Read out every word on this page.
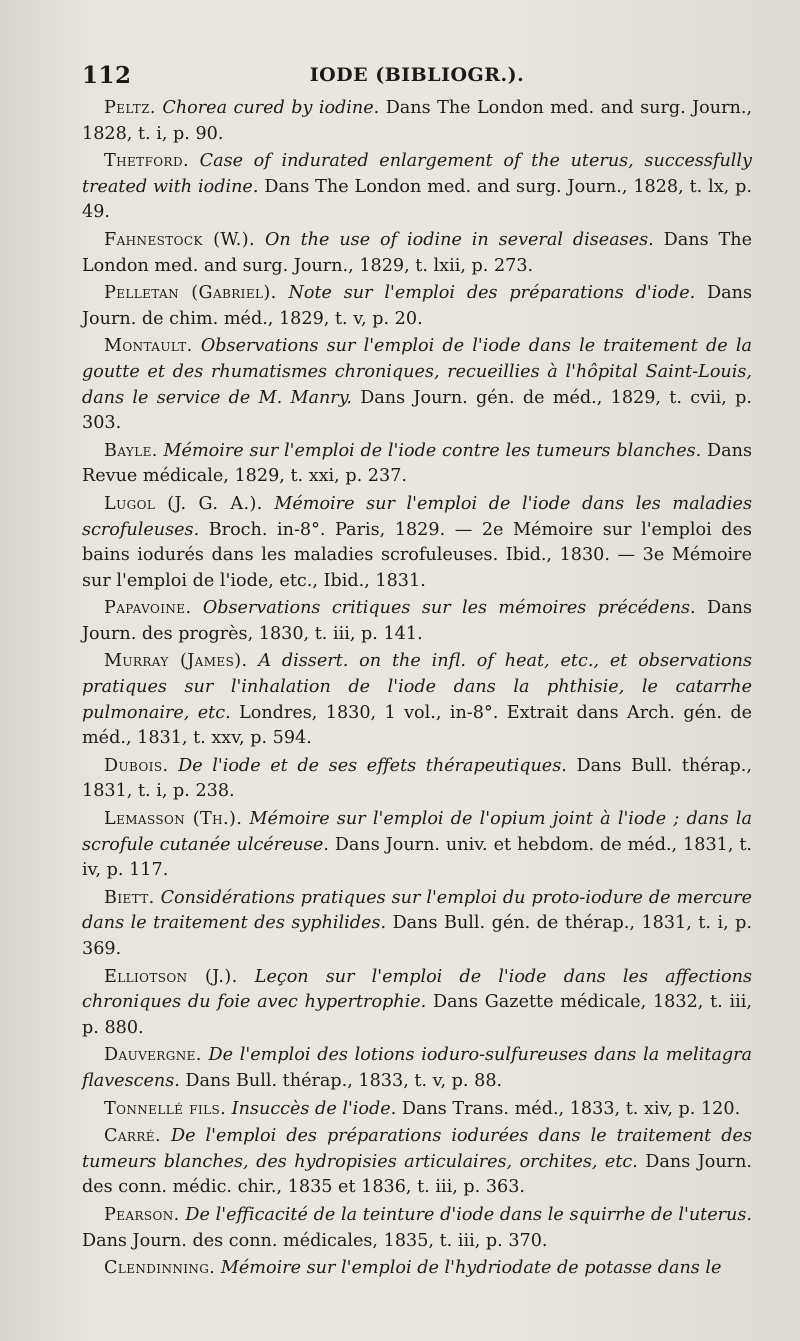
112	IODE (BIBLIOGR.).

Peltz. Chorea cured by iodine. Dans The London med. and surg. Journ., 1828, t. i, p. 90.

Thetford. Case of indurated enlargement of the uterus, successfully treated with iodine. Dans The London med. and surg. Journ., 1828, t. lx, p. 49.

Fahnestock (W.). On the use of iodine in several diseases. Dans The London med. and surg. Journ., 1829, t. lxii, p. 273.

Pelletan (Gabriel). Note sur l'emploi des préparations d'iode. Dans Journ. de chim. méd., 1829, t. v, p. 20.

Montault. Observations sur l'emploi de l'iode dans le traitement de la goutte et des rhumatismes chroniques, recueillies à l'hôpital Saint-Louis, dans le service de M. Manry. Dans Journ. gén. de méd., 1829, t. cvii, p. 303.

Bayle. Mémoire sur l'emploi de l'iode contre les tumeurs blanches. Dans Revue médicale, 1829, t. xxi, p. 237.

Lugol (J. G. A.). Mémoire sur l'emploi de l'iode dans les maladies scrofuleuses. Broch. in-8°. Paris, 1829. — 2e Mémoire sur l'emploi des bains iodurés dans les maladies scrofuleuses. Ibid., 1830. — 3e Mémoire sur l'emploi de l'iode, etc., Ibid., 1831.

Papavoine. Observations critiques sur les mémoires précédens. Dans Journ. des progrès, 1830, t. iii, p. 141.

Murray (James). A dissert. on the infl. of heat, etc., et observations pratiques sur l'inhalation de l'iode dans la phthisie, le catarrhe pulmonaire, etc. Londres, 1830, 1 vol., in-8°. Extrait dans Arch. gén. de méd., 1831, t. xxv, p. 594.

Dubois. De l'iode et de ses effets thérapeutiques. Dans Bull. thérap., 1831, t. i, p. 238.

Lemasson (Th.). Mémoire sur l'emploi de l'opium joint à l'iode ; dans la scrofule cutanée ulcéreuse. Dans Journ. univ. et hebdom. de méd., 1831, t. iv, p. 117.

Biett. Considérations pratiques sur l'emploi du proto-iodure de mercure dans le traitement des syphilides. Dans Bull. gén. de thérap., 1831, t. i, p. 369.

Elliotson (J.). Leçon sur l'emploi de l'iode dans les affections chroniques du foie avec hypertrophie. Dans Gazette médicale, 1832, t. iii, p. 880.

Dauvergne. De l'emploi des lotions ioduro-sulfureuses dans la melitagra flavescens. Dans Bull. thérap., 1833, t. v, p. 88.

Tonnellé fils. Insuccès de l'iode. Dans Trans. méd., 1833, t. xiv, p. 120.

Carré. De l'emploi des préparations iodurées dans le traitement des tumeurs blanches, des hydropisies articulaires, orchites, etc. Dans Journ. des conn. médic. chir., 1835 et 1836, t. iii, p. 363.

Pearson. De l'efficacité de la teinture d'iode dans le squirrhe de l'uterus. Dans Journ. des conn. médicales, 1835, t. iii, p. 370.

Clendinning. Mémoire sur l'emploi de l'hydriodate de potasse dans le
